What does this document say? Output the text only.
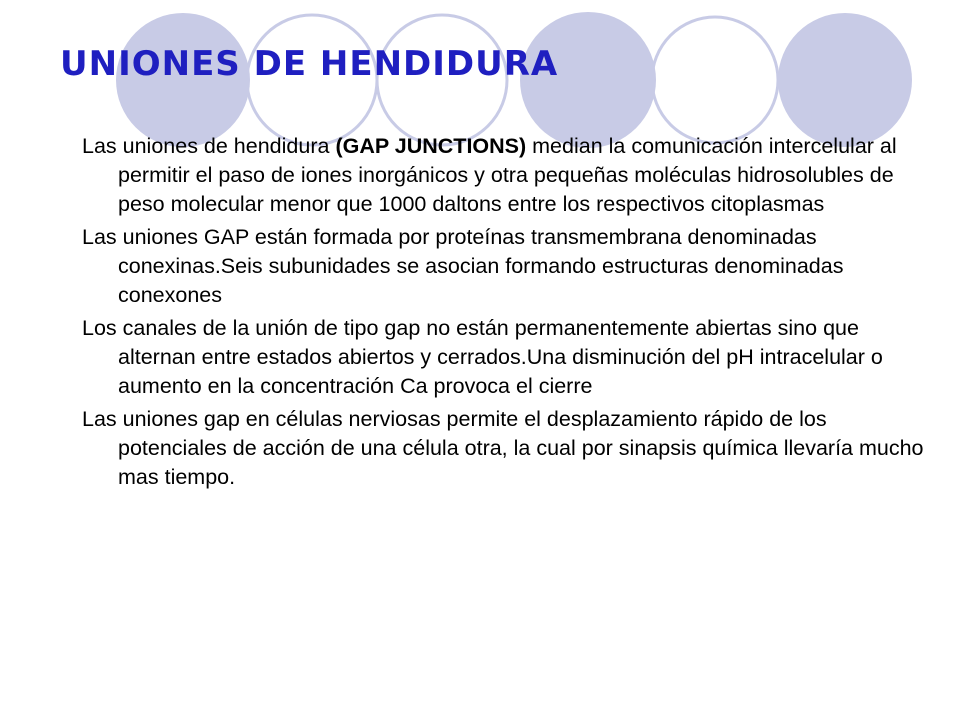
UNIONES DE HENDIDURA

Las uniones de hendidura (GAP JUNCTIONS) median la comunicación intercelular al permitir el paso de iones inorgánicos y otra pequeñas moléculas hidrosolubles de peso molecular menor que 1000 daltons entre los respectivos citoplasmas

Las uniones GAP están formada por proteínas transmembrana denominadas conexinas.Seis subunidades se asocian formando estructuras denominadas conexones

Los canales de la unión de tipo gap no están permanentemente abiertas sino que alternan entre estados abiertos y cerrados.Una disminución del pH intracelular o aumento en la concentración Ca provoca el cierre

Las uniones gap en células nerviosas permite el desplazamiento rápido de los potenciales de acción de una célula otra, la cual por sinapsis química llevaría mucho mas tiempo.
